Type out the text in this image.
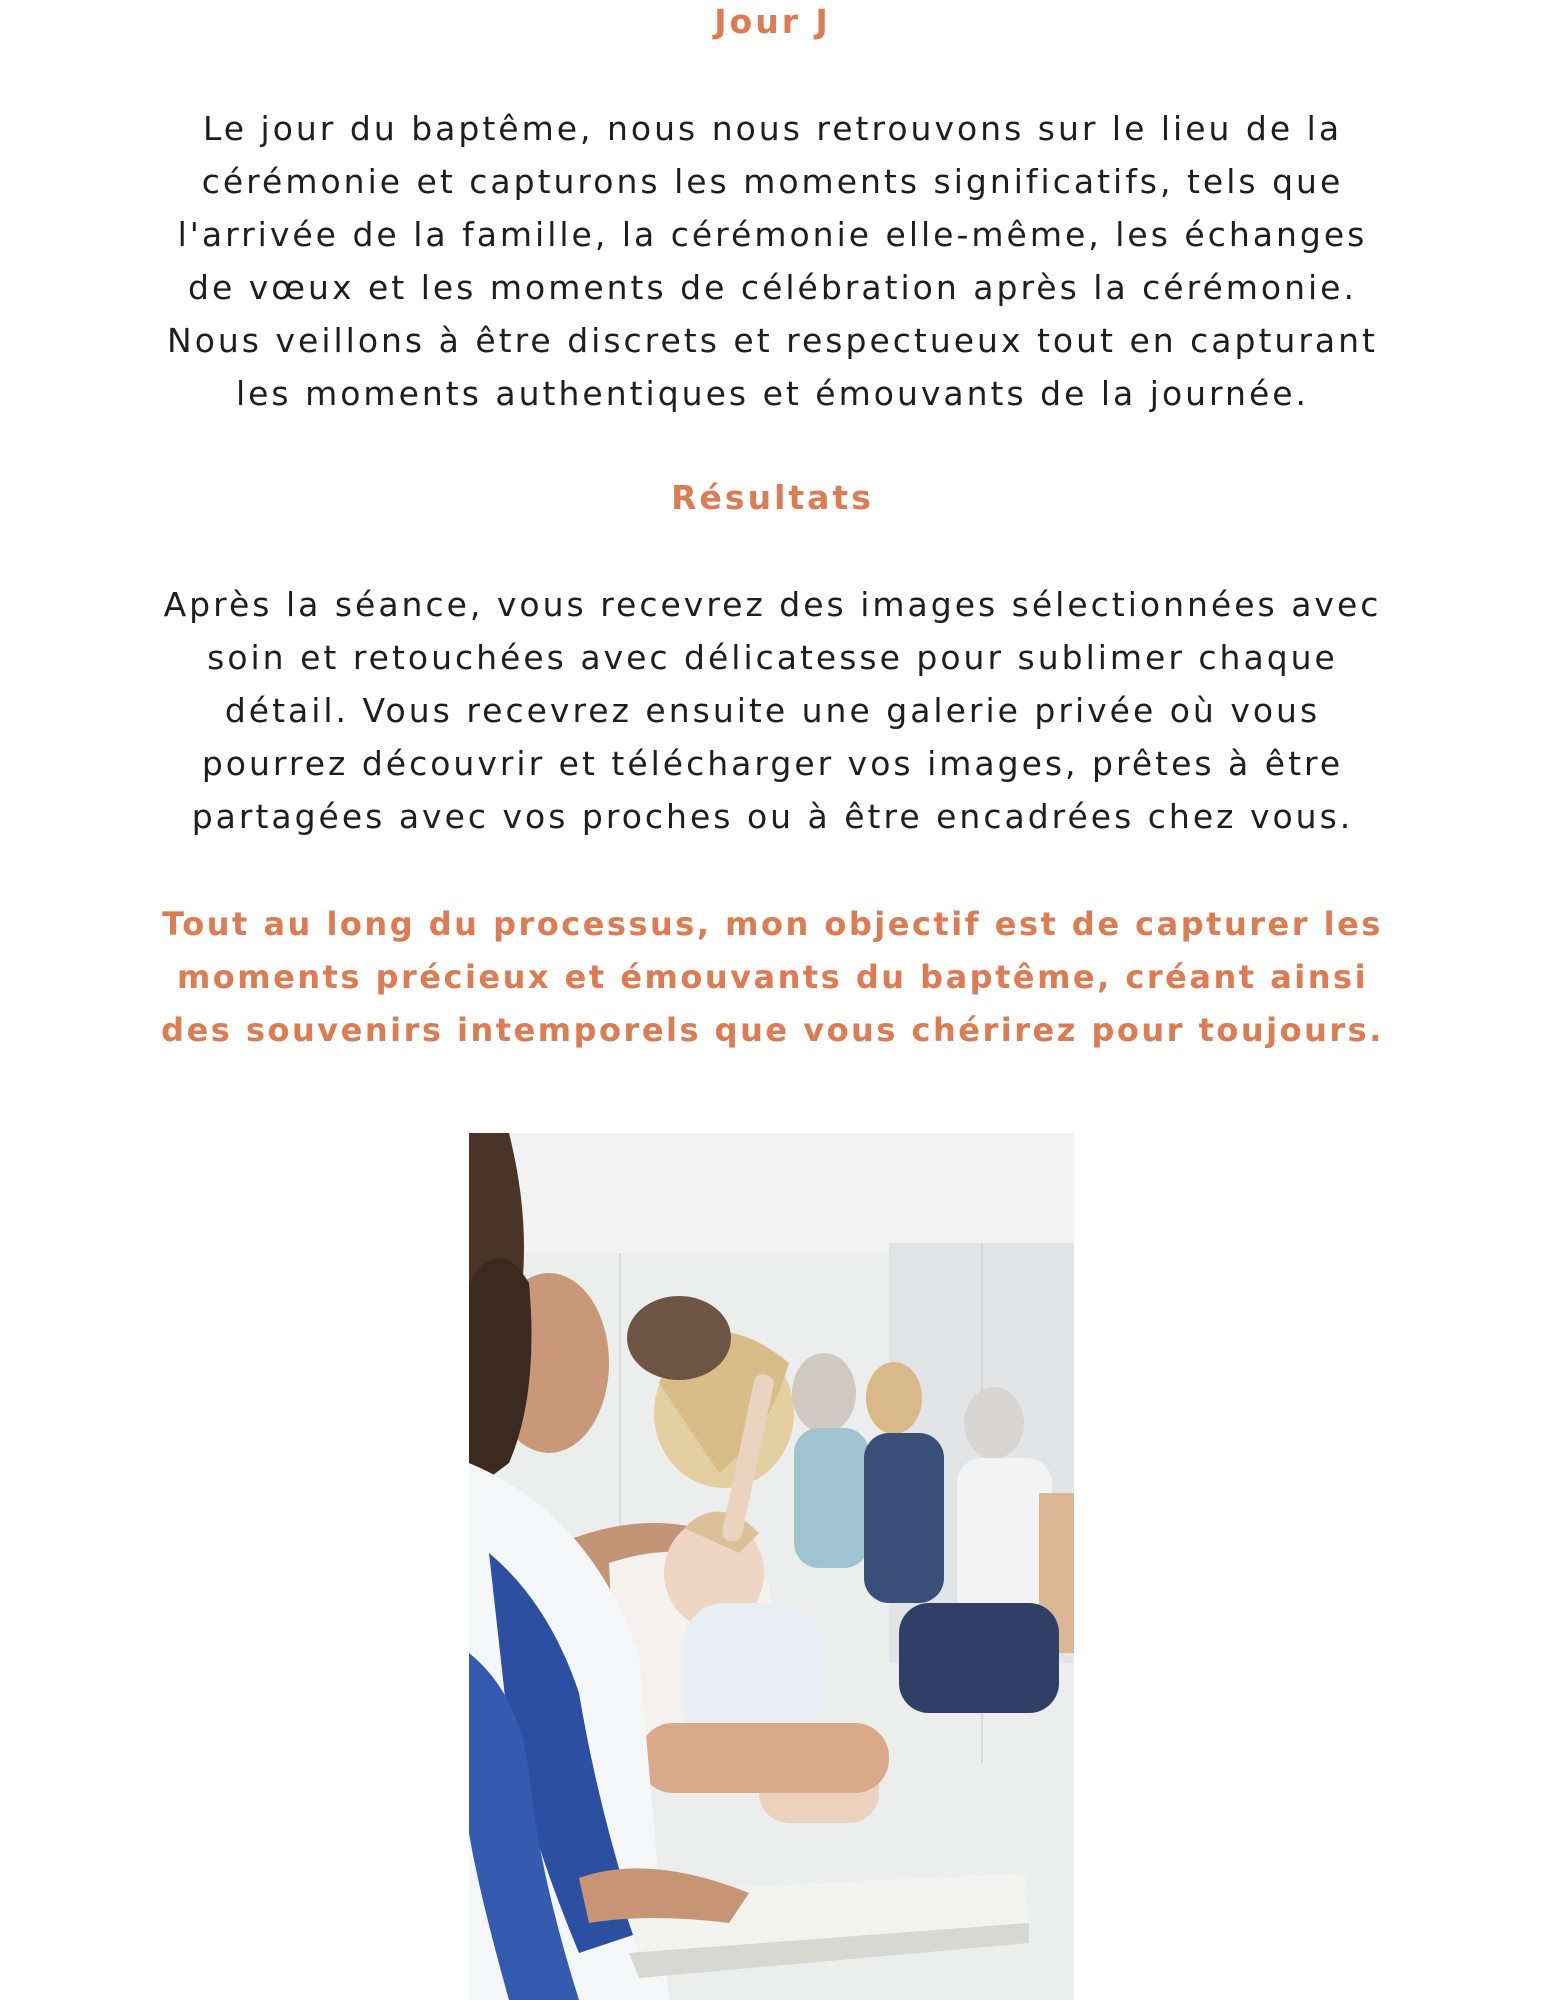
Jour J

Le jour du baptême, nous nous retrouvons sur le lieu de la
cérémonie et capturons les moments significatifs, tels que
l'arrivée de la famille, la cérémonie elle-même, les échanges
de vœux et les moments de célébration après la cérémonie.
Nous veillons à être discrets et respectueux tout en capturant
les moments authentiques et émouvants de la journée.

Résultats

Après la séance, vous recevrez des images sélectionnées avec
soin et retouchées avec délicatesse pour sublimer chaque
détail. Vous recevrez ensuite une galerie privée où vous
pourrez découvrir et télécharger vos images, prêtes à être
partagées avec vos proches ou à être encadrées chez vous.

Tout au long du processus, mon objectif est de capturer les
moments précieux et émouvants du baptême, créant ainsi
des souvenirs intemporels que vous chérirez pour toujours.
